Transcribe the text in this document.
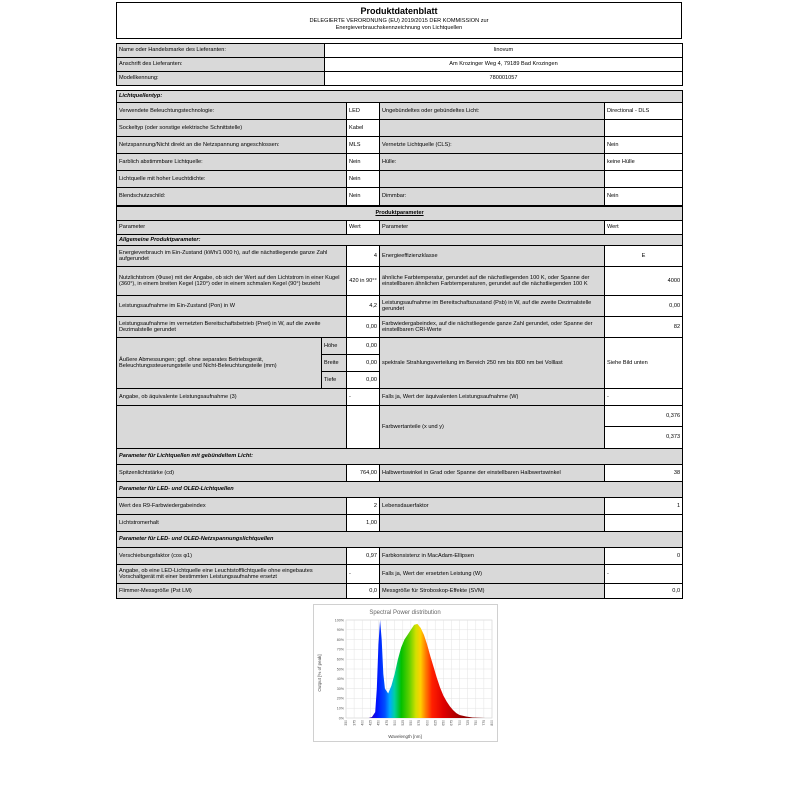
Produktdatenblatt
DELEGIERTE VERORDNUNG (EU) 2019/2015 DER KOMMISSION zur
Energieverbrauchskennzeichnung von Lichtquellen
Name oder Handelsmarke des Lieferanten:	linovum
Anschrift des Lieferanten:	Am Krozinger Weg 4, 79189 Bad Krozingen
Modellkennung:	780001057
Lichtquellentyp:			
Verwendete Beleuchtungstechnologie:	LED	Ungebündeltes oder gebündeltes Licht:	Directional - DLS
Sockeltyp (oder sonstige elektrische Schnittstelle)	Kabel		
Netzspannung/Nicht direkt an die Netzspannung angeschlossen:	MLS	Vernetzte Lichtquelle (CLS):	Nein
Farblich abstimmbare Lichtquelle:	Nein	Hülle:	keine Hülle
Lichtquelle mit hoher Leuchtdichte:	Nein		
Blendschutzschild:	Nein	Dimmbar:	Nein
Produktparameter				
Parameter		Wert	Parameter	Wert
Allgemeine Produktparameter:				
Energieverbrauch im Ein-Zustand (kWh/1 000 h), auf die nächstliegende ganze Zahl aufgerundet		4	Energieeffizienzklasse	E
Nutzlichtstrom (Φuse) mit der Angabe, ob sich der Wert auf den Lichtstrom in einer Kugel (360°), in einem breiten Kegel (120°) oder in einem schmalen Kegel (90°) bezieht		420 in 90°°	ähnliche Farbtemperatur, gerundet auf die nächstliegenden 100 K, oder Spanne der einstellbaren ähnlichen Farbtemperaturen, gerundet auf die nächstliegenden 100 K	4000
Leistungsaufnahme im Ein-Zustand (Pon) in W		4,2	Leistungsaufnahme im Bereitschaftszustand (Psb) in W, auf die zweite Dezimalstelle gerundet	0,00
Leistungsaufnahme im vernetzten Bereitschaftsbetrieb (Pnet) in W, auf die zweite Dezimalstelle gerundet		0,00	Farbwiedergabeindex, auf die nächstliegende ganze Zahl gerundet, oder Spanne der einstellbaren CRI-Werte	82
Äußere Abmessungen; ggf. ohne separates Betriebsgerät, Beleuchtungssteuerungsteile und Nicht-Beleuchtungsteile (mm)	Höhe	0,00	spektrale Strahlungsverteilung im Bereich 250 nm bis 800 nm bei Volllast	Siehe Bild unten
	Breite	0,00		
	Tiefe	0,00		
Angabe, ob äquivalente Leistungsaufnahme (3)		-	Falls ja, Wert der äquivalenten Leistungsaufnahme (W)	-
			Farbwertanteile (x und y)	0,376
				0,373
Parameter für Lichtquellen mit gebündeltem Licht:				
Spitzenlichtstärke (cd)		764,00	Halbwertswinkel in Grad oder Spanne der einstellbaren Halbwertswinkel	38
Parameter für LED- und OLED-Lichtquellen				
Wert des R9-Farbwiedergabeindex		2	Lebensdauerfaktor	1
Lichtstromerhalt		1,00		
Parameter für LED- und OLED-Netzspannungslichtquellen				
Verschiebungsfaktor (cos φ1)		0,97	Farbkonsistenz in MacAdam-Ellipsen	0
Angabe, ob eine LED-Lichtquelle eine Leuchtstofflichtquelle ohne eingebautes Vorschaltgerät mit einer bestimmten Leistungsaufnahme ersetzt		-	Falls ja, Wert der ersetzten Leistung (W)	-
Flimmer-Messgröße (Pst LM)		0,0	Messgröße für Stroboskop-Effekte (SVM)	0,0
Spectral Power distribution
350 375 400 425 450 475 500 525 550 575 600 625 650 675 700 725 750 775 800
0%
10%
20%
30%
40%
50%
60%
70%
80%
90%
100%
Wavelength [nm]
Output [% of peak]
